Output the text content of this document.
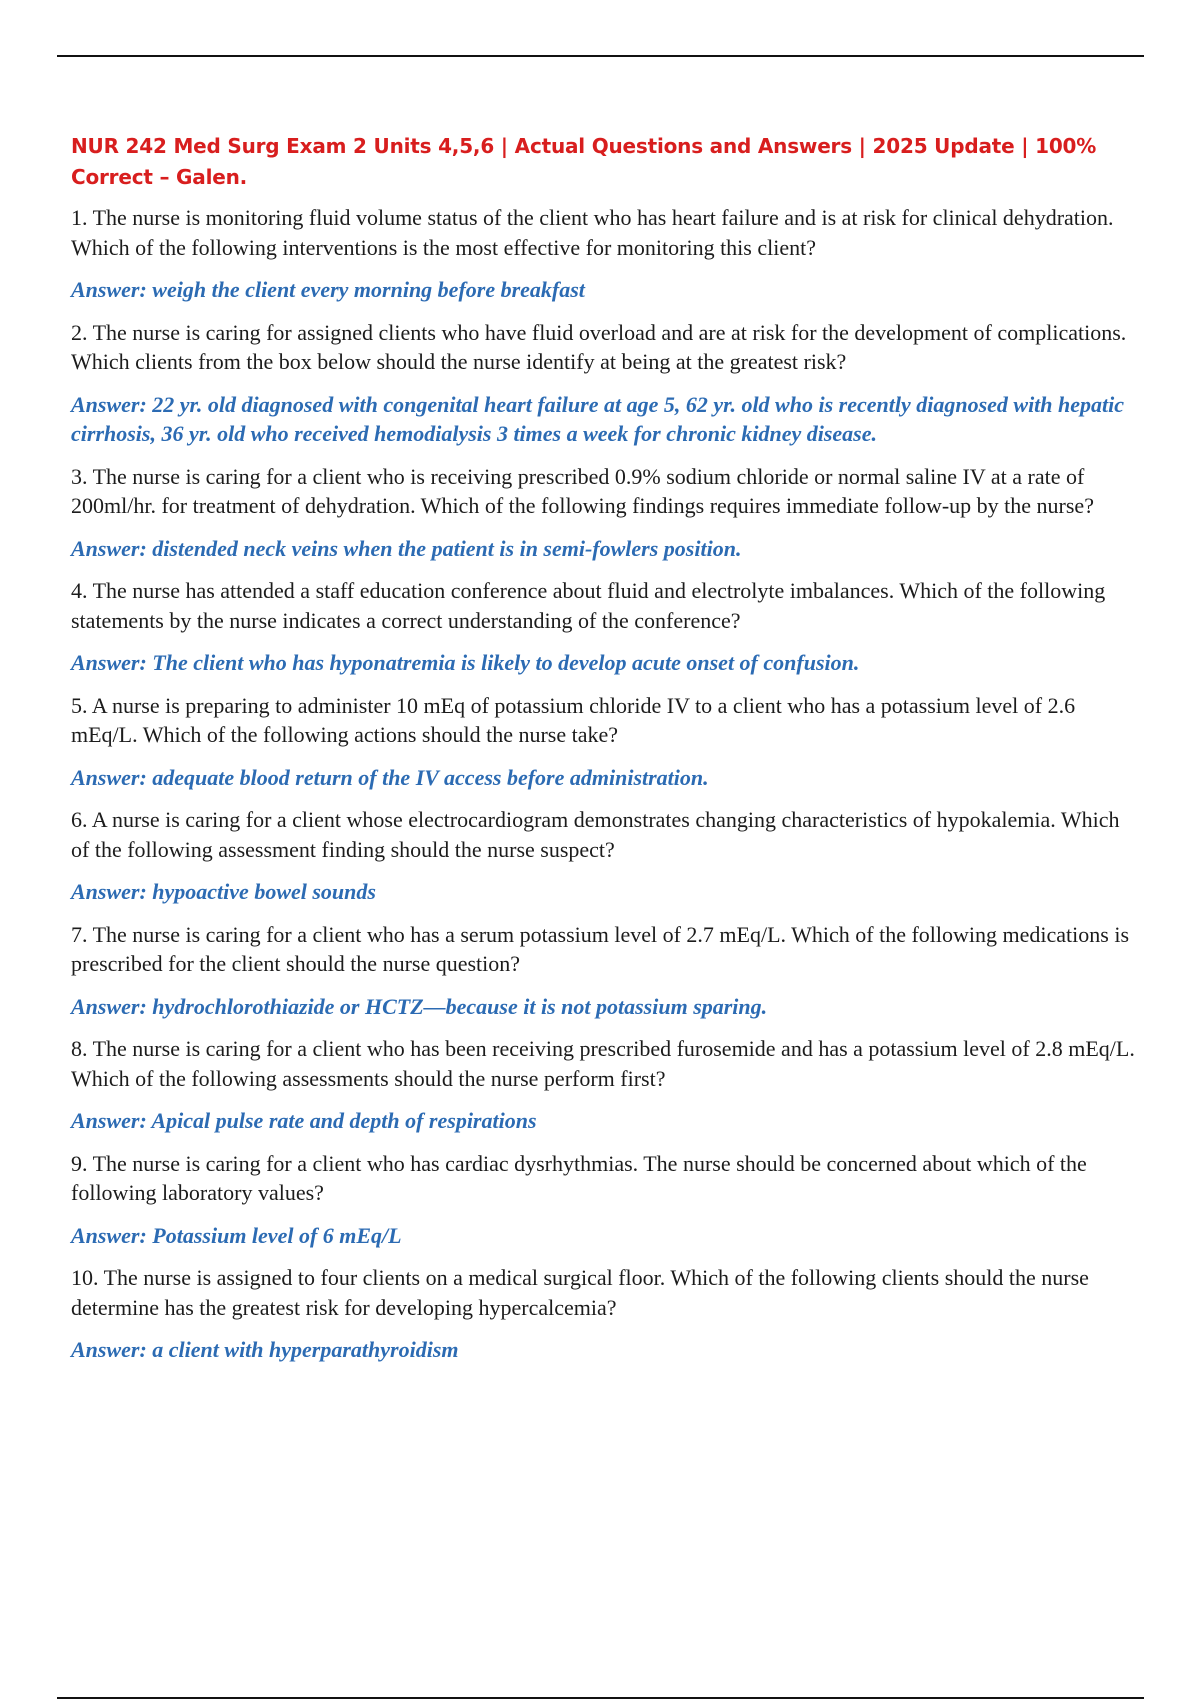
NUR 242 Med Surg Exam 2 Units 4,5,6 | Actual Questions and Answers | 2025 Update | 100% Correct – Galen.

1. The nurse is monitoring fluid volume status of the client who has heart failure and is at risk for clinical dehydration. Which of the following interventions is the most effective for monitoring this client?

Answer: weigh the client every morning before breakfast

2. The nurse is caring for assigned clients who have fluid overload and are at risk for the development of complications. Which clients from the box below should the nurse identify at being at the greatest risk?

Answer: 22 yr. old diagnosed with congenital heart failure at age 5, 62 yr. old who is recently diagnosed with hepatic cirrhosis, 36 yr. old who received hemodialysis 3 times a week for chronic kidney disease.

3. The nurse is caring for a client who is receiving prescribed 0.9% sodium chloride or normal saline IV at a rate of 200ml/hr. for treatment of dehydration. Which of the following findings requires immediate follow-up by the nurse?

Answer: distended neck veins when the patient is in semi-fowlers position.

4. The nurse has attended a staff education conference about fluid and electrolyte imbalances. Which of the following statements by the nurse indicates a correct understanding of the conference?

Answer: The client who has hyponatremia is likely to develop acute onset of confusion.

5. A nurse is preparing to administer 10 mEq of potassium chloride IV to a client who has a potassium level of 2.6 mEq/L. Which of the following actions should the nurse take?

Answer: adequate blood return of the IV access before administration.

6. A nurse is caring for a client whose electrocardiogram demonstrates changing characteristics of hypokalemia. Which of the following assessment finding should the nurse suspect?

Answer: hypoactive bowel sounds

7. The nurse is caring for a client who has a serum potassium level of 2.7 mEq/L. Which of the following medications is prescribed for the client should the nurse question?

Answer: hydrochlorothiazide or HCTZ—because it is not potassium sparing.

8. The nurse is caring for a client who has been receiving prescribed furosemide and has a potassium level of 2.8 mEq/L. Which of the following assessments should the nurse perform first?

Answer: Apical pulse rate and depth of respirations

9. The nurse is caring for a client who has cardiac dysrhythmias. The nurse should be concerned about which of the following laboratory values?

Answer: Potassium level of 6 mEq/L

10. The nurse is assigned to four clients on a medical surgical floor. Which of the following clients should the nurse determine has the greatest risk for developing hypercalcemia?

Answer: a client with hyperparathyroidism
